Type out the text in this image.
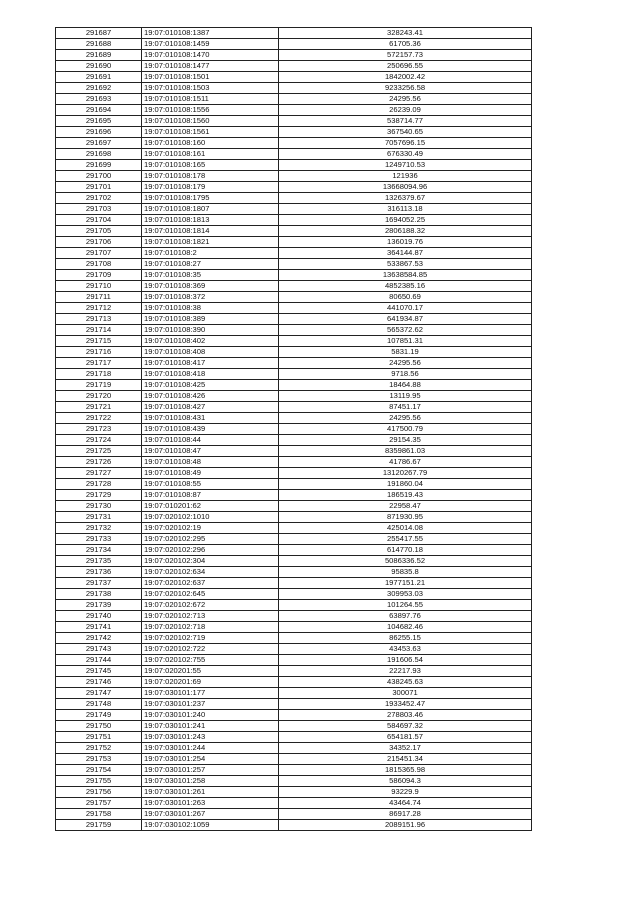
291687	19:07:010108:1387	328243.41
291688	19:07:010108:1459	61705.36
291689	19:07:010108:1470	572157.73
291690	19:07:010108:1477	250696.55
291691	19:07:010108:1501	1842002.42
291692	19:07:010108:1503	9233256.58
291693	19:07:010108:1511	24295.56
291694	19:07:010108:1556	26239.09
291695	19:07:010108:1560	538714.77
291696	19:07:010108:1561	367540.65
291697	19:07:010108:160	7057696.15
291698	19:07:010108:161	676330.49
291699	19:07:010108:165	1249710.53
291700	19:07:010108:178	121936
291701	19:07:010108:179	13668094.96
291702	19:07:010108:1795	1326379.67
291703	19:07:010108:1807	316113.18
291704	19:07:010108:1813	1694052.25
291705	19:07:010108:1814	2806188.32
291706	19:07:010108:1821	136019.76
291707	19:07:010108:2	364144.87
291708	19:07:010108:27	533867.53
291709	19:07:010108:35	13638584.85
291710	19:07:010108:369	4852385.16
291711	19:07:010108:372	80650.69
291712	19:07:010108:38	441070.17
291713	19:07:010108:389	641934.87
291714	19:07:010108:390	565372.62
291715	19:07:010108:402	107851.31
291716	19:07:010108:408	5831.19
291717	19:07:010108:417	24295.56
291718	19:07:010108:418	9718.56
291719	19:07:010108:425	18464.88
291720	19:07:010108:426	13119.95
291721	19:07:010108:427	87451.17
291722	19:07:010108:431	24295.56
291723	19:07:010108:439	417500.79
291724	19:07:010108:44	29154.35
291725	19:07:010108:47	8359861.03
291726	19:07:010108:48	41786.67
291727	19:07:010108:49	13120267.79
291728	19:07:010108:55	191860.04
291729	19:07:010108:87	186519.43
291730	19:07:010201:62	22958.47
291731	19:07:020102:1010	871930.95
291732	19:07:020102:19	425014.08
291733	19:07:020102:295	255417.55
291734	19:07:020102:296	614770.18
291735	19:07:020102:304	5086336.52
291736	19:07:020102:634	95835.8
291737	19:07:020102:637	1977151.21
291738	19:07:020102:645	309953.03
291739	19:07:020102:672	101264.55
291740	19:07:020102:713	63897.76
291741	19:07:020102:718	104682.46
291742	19:07:020102:719	86255.15
291743	19:07:020102:722	43453.63
291744	19:07:020102:755	191606.54
291745	19:07:020201:55	22217.93
291746	19:07:020201:69	438245.63
291747	19:07:030101:177	300071
291748	19:07:030101:237	1933452.47
291749	19:07:030101:240	278803.46
291750	19:07:030101:241	584697.32
291751	19:07:030101:243	654181.57
291752	19:07:030101:244	34352.17
291753	19:07:030101:254	215451.34
291754	19:07:030101:257	1815365.98
291755	19:07:030101:258	586094.3
291756	19:07:030101:261	93229.9
291757	19:07:030101:263	43464.74
291758	19:07:030101:267	86917.28
291759	19:07:030102:1059	2089151.96
